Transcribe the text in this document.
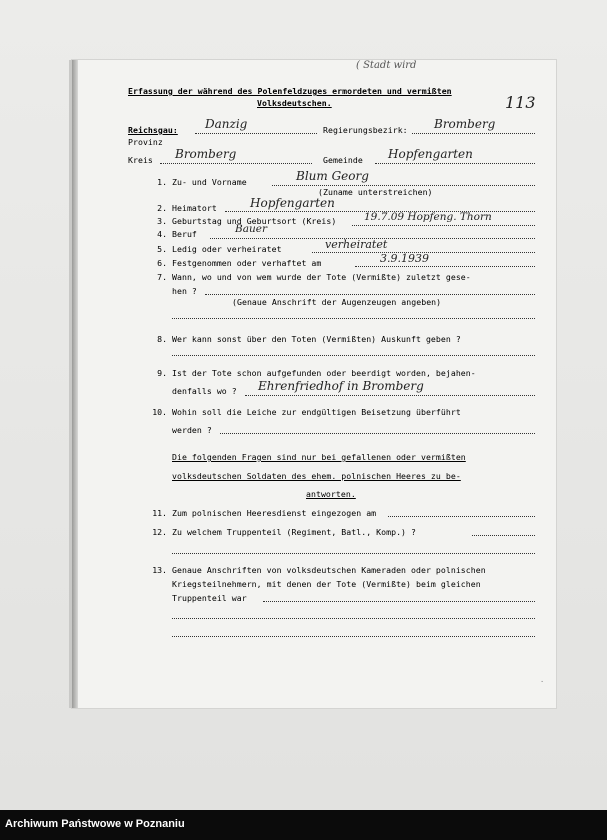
Erfassung der während des Polenfeldzuges ermordeten und vermißten
Volksdeutschen.
( Stadt wird
113
Reichsgau: Danzig	Regierungsbezirk: Bromberg
Provinz
Kreis Bromberg	Gemeinde Hopfengarten
1. Zu- und Vorname	Blum Georg
(Zuname unterstreichen)
2. Heimatort	Hopfengarten
3. Geburtstag und Geburtsort (Kreis)	19.7.09 Hopfeng. Thorn
4. Beruf	Bauer
5. Ledig oder verheiratet	verheiratet
6. Festgenommen oder verhaftet am	3.9.1939
7. Wann, wo und von wem wurde der Tote (Vermißte) zuletzt gese-
hen ?
(Genaue Anschrift der Augenzeugen angeben)
8. Wer kann sonst über den Toten (Vermißten) Auskunft geben ?
9. Ist der Tote schon aufgefunden oder beerdigt worden, bejahen-
denfalls wo ? Ehrenfriedhof in Bromberg
10. Wohin soll die Leiche zur endgültigen Beisetzung überführt
werden ?
Die folgenden Fragen sind nur bei gefallenen oder vermißten
volksdeutschen Soldaten des ehem. polnischen Heeres zu be-
antworten.
11. Zum polnischen Heeresdienst eingezogen am
12. Zu welchem Truppenteil (Regiment, Batl., Komp.) ?
13. Genaue Anschriften von volksdeutschen Kameraden oder polnischen
Kriegsteilnehmern, mit denen der Tote (Vermißte) beim gleichen
Truppenteil war
.
Archiwum Państwowe w Poznaniu
